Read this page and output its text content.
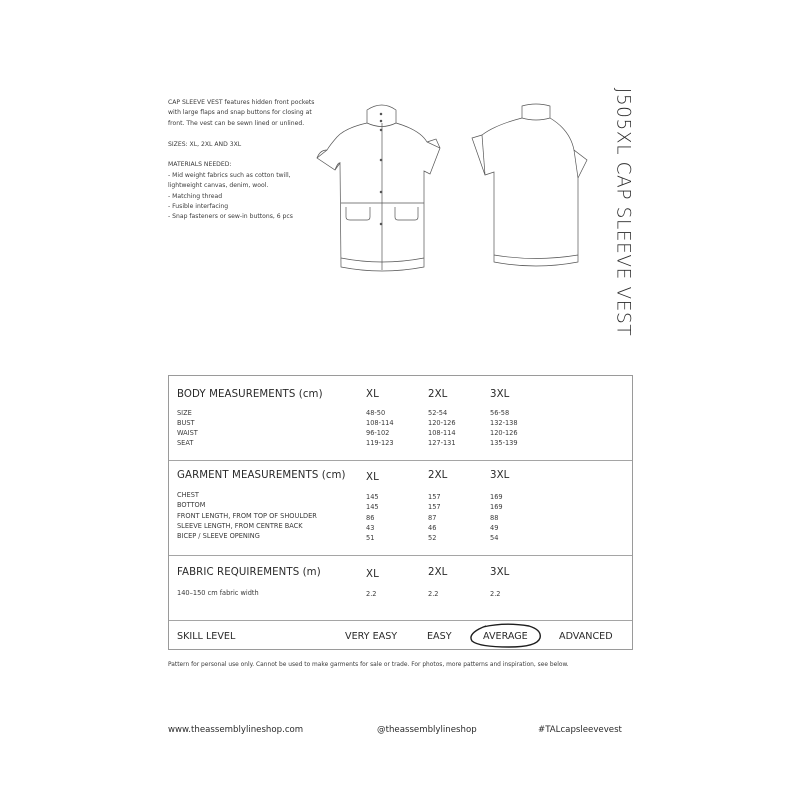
CAP SLEEVE VEST features hidden front pockets with large flaps and snap buttons for closing at front. The vest can be sewn lined or unlined.

SIZES: XL, 2XL AND 3XL

MATERIALS NEEDED:
- Mid weight fabrics such as cotton twill, lightweight canvas, denim, wool.
- Matching thread
- Fusible interfacing
- Snap fasteners or sew-in buttons, 6 pcs	J505XL CAP SLEEVE VEST
BODY MEASUREMENTS (cm)	XL	2XL	3XL
SIZE	48-50	52-54	56-58
BUST	108-114	120-126	132-138
WAIST	96-102	108-114	120-126
SEAT	119-123	127-131	135-139
GARMENT MEASUREMENTS (cm) XL	2XL	3XL
CHEST	145	157	169
BOTTOM	145	157	169
FRONT LENGTH, FROM TOP OF SHOULDER	86	87	88
SLEEVE LENGTH, FROM CENTRE BACK	43	46	49
BICEP / SLEEVE OPENING	51	52	54
FABRIC REQUIREMENTS (m)	XL	2XL	3XL
140–150 cm fabric width	2.2	2.2	2.2
SKILL LEVEL	VERY EASY	EASY	AVERAGE	ADVANCED
Pattern for personal use only. Cannot be used to make garments for sale or trade. For photos, more patterns and inspiration, see below.
www.theassemblylineshop.com	@theassemblylineshop	#TALcapsleevevest
